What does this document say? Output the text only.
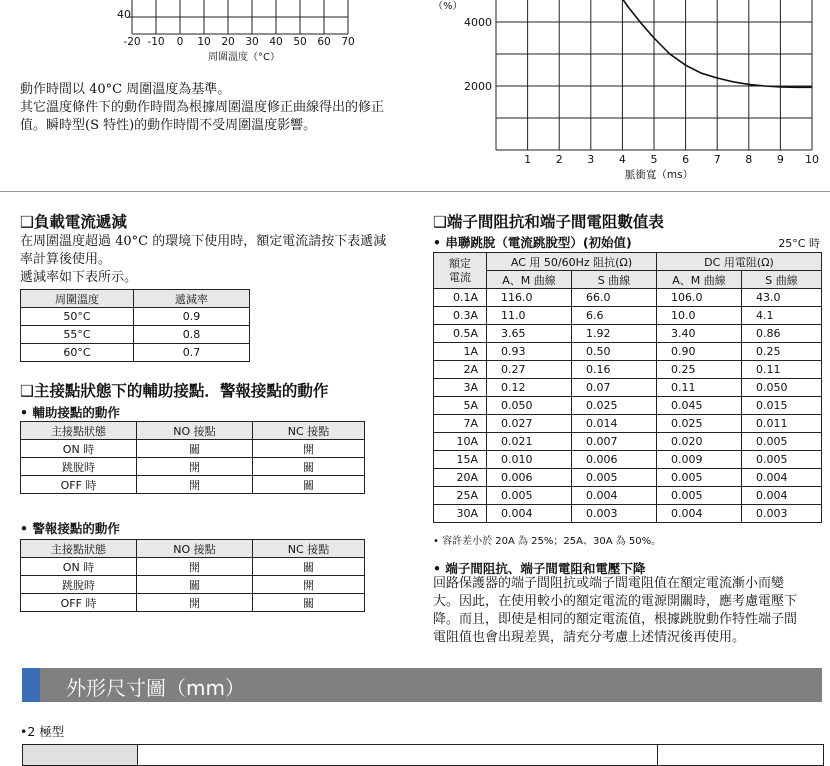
40
-20 -10	0	10 20 30 40 50 60 70
周圍溫度（°C）
動作時間以 40°C 周圍溫度為基準。
其它溫度條件下的動作時間為根據周圍溫度修正曲線得出的修正
值。瞬時型(S 特性)的動作時間不受周圍溫度影響。
（%）
4000
2000
1 2 3 4 5 6 7 8 9 10
脈衝寬（ms）
❑負載電流遞減
在周圍溫度超過 40°C 的環境下使用時，額定電流請按下表遞減
率計算後使用。
遞減率如下表所示。
周圍溫度	遞減率
50°C	0.9
55°C	0.8
60°C	0.7
❑主接點狀態下的輔助接點．警報接點的動作
• 輔助接點的動作
主接點狀態	NO 接點	NC 接點
ON 時	關	開
跳脫時	開	關
OFF 時	開	關
• 警報接點的動作
主接點狀態	NO 接點	NC 接點
ON 時	開	關
跳脫時	關	開
OFF 時	開	關
❑端子間阻抗和端子間電阻數值表
• 串聯跳脫（電流跳脫型）(初始值)	25°C 時
額定
電流	AC 用 50/60Hz 阻抗(Ω)		DC 用電阻(Ω)	
	A、M 曲線	S 曲線	A、M 曲線	S 曲線
0.1A	116.0	66.0	106.0	43.0
0.3A	11.0	6.6	10.0	4.1
0.5A	3.65	1.92	3.40	0.86
1A	0.93	0.50	0.90	0.25
2A	0.27	0.16	0.25	0.11
3A	0.12	0.07	0.11	0.050
5A	0.050	0.025	0.045	0.015
7A	0.027	0.014	0.025	0.011
10A	0.021	0.007	0.020	0.005
15A	0.010	0.006	0.009	0.005
20A	0.006	0.005	0.005	0.004
25A	0.005	0.004	0.005	0.004
30A	0.004	0.003	0.004	0.003
• 容許差小於 20A 為 25%；25A、30A 為 50%。
• 端子間阻抗、端子間電阻和電壓下降
回路保護器的端子間阻抗或端子間電阻值在額定電流漸小而變
大。因此，在使用較小的額定電流的電源開關時，應考慮電壓下
降。而且，即使是相同的額定電流值，根據跳脫動作特性端子間
電阻值也會出現差異，請充分考慮上述情況後再使用。
外形尺寸圖（mm）
•2 極型
